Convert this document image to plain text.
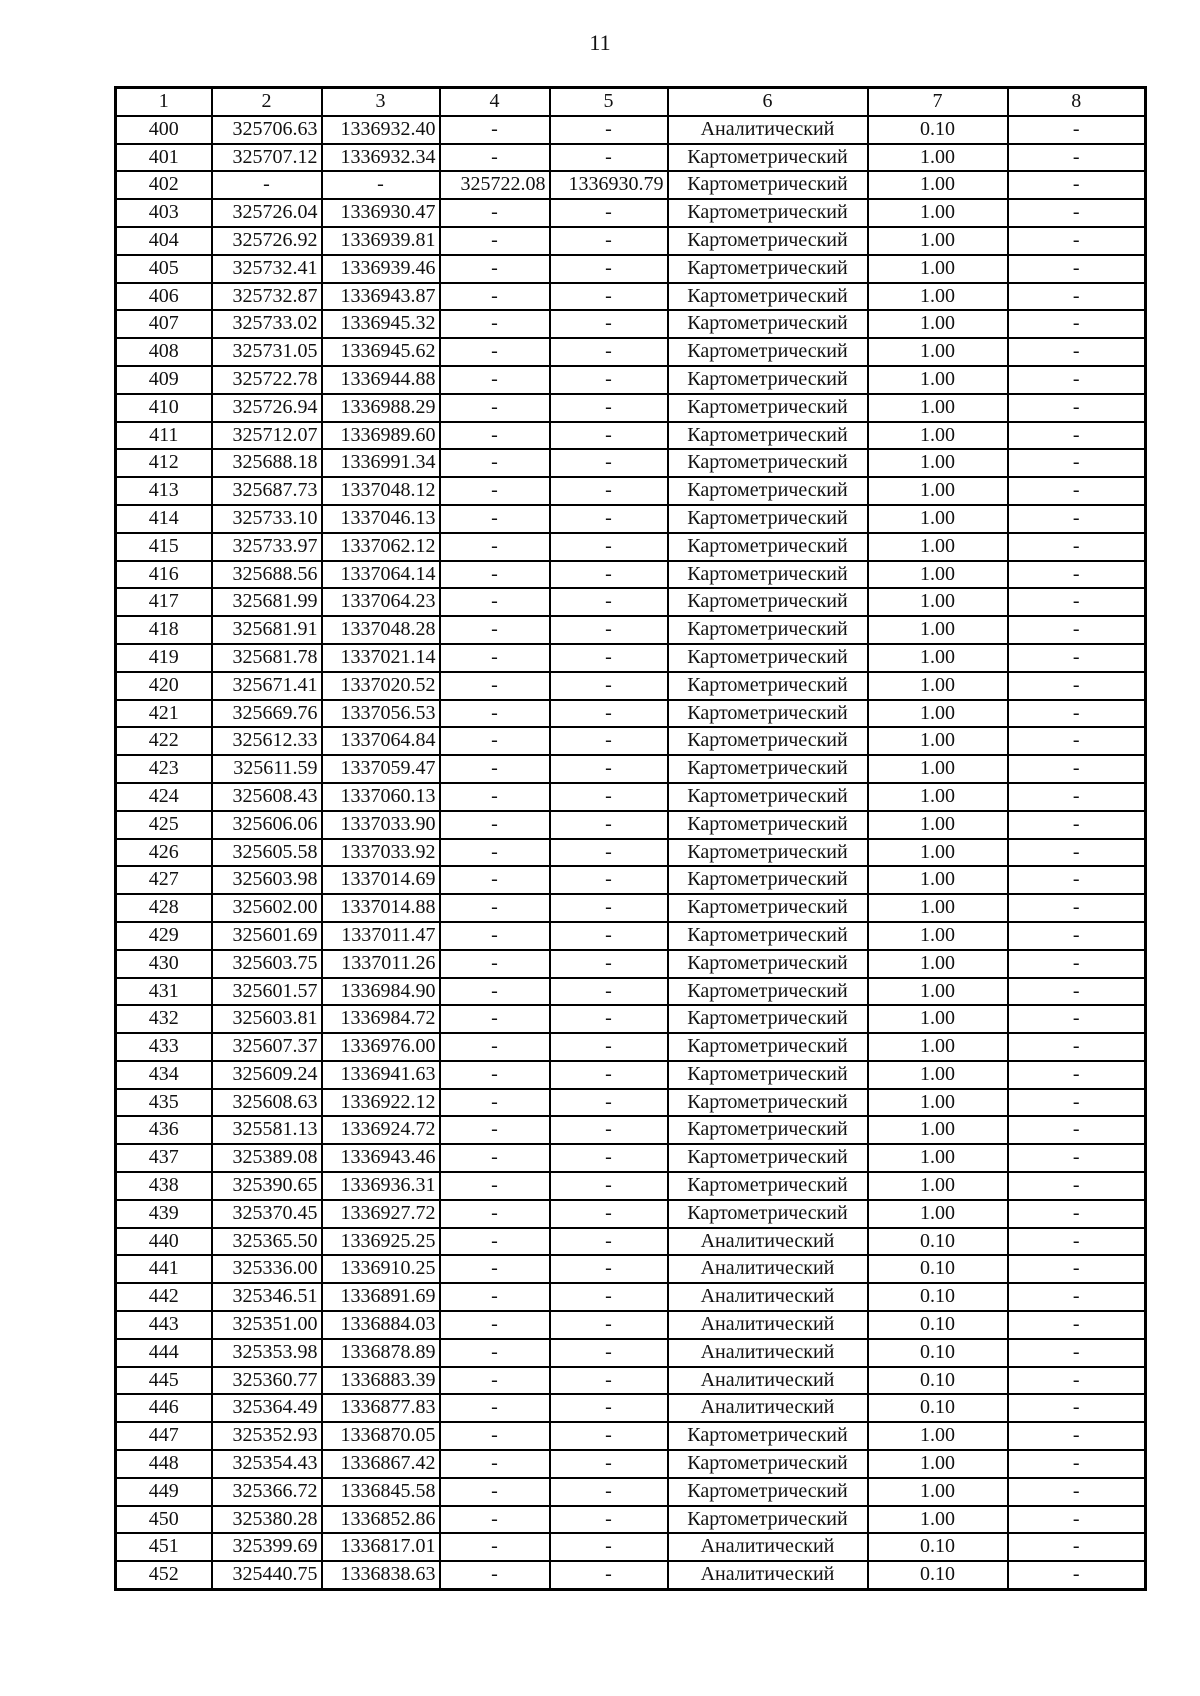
11
1	2	3	4	5	6	7	8
400	325706.63	1336932.40	-	-	Аналитический	0.10	-
401	325707.12	1336932.34	-	-	Картометрический	1.00	-
402	-	-	325722.08	1336930.79	Картометрический	1.00	-
403	325726.04	1336930.47	-	-	Картометрический	1.00	-
404	325726.92	1336939.81	-	-	Картометрический	1.00	-
405	325732.41	1336939.46	-	-	Картометрический	1.00	-
406	325732.87	1336943.87	-	-	Картометрический	1.00	-
407	325733.02	1336945.32	-	-	Картометрический	1.00	-
408	325731.05	1336945.62	-	-	Картометрический	1.00	-
409	325722.78	1336944.88	-	-	Картометрический	1.00	-
410	325726.94	1336988.29	-	-	Картометрический	1.00	-
411	325712.07	1336989.60	-	-	Картометрический	1.00	-
412	325688.18	1336991.34	-	-	Картометрический	1.00	-
413	325687.73	1337048.12	-	-	Картометрический	1.00	-
414	325733.10	1337046.13	-	-	Картометрический	1.00	-
415	325733.97	1337062.12	-	-	Картометрический	1.00	-
416	325688.56	1337064.14	-	-	Картометрический	1.00	-
417	325681.99	1337064.23	-	-	Картометрический	1.00	-
418	325681.91	1337048.28	-	-	Картометрический	1.00	-
419	325681.78	1337021.14	-	-	Картометрический	1.00	-
420	325671.41	1337020.52	-	-	Картометрический	1.00	-
421	325669.76	1337056.53	-	-	Картометрический	1.00	-
422	325612.33	1337064.84	-	-	Картометрический	1.00	-
423	325611.59	1337059.47	-	-	Картометрический	1.00	-
424	325608.43	1337060.13	-	-	Картометрический	1.00	-
425	325606.06	1337033.90	-	-	Картометрический	1.00	-
426	325605.58	1337033.92	-	-	Картометрический	1.00	-
427	325603.98	1337014.69	-	-	Картометрический	1.00	-
428	325602.00	1337014.88	-	-	Картометрический	1.00	-
429	325601.69	1337011.47	-	-	Картометрический	1.00	-
430	325603.75	1337011.26	-	-	Картометрический	1.00	-
431	325601.57	1336984.90	-	-	Картометрический	1.00	-
432	325603.81	1336984.72	-	-	Картометрический	1.00	-
433	325607.37	1336976.00	-	-	Картометрический	1.00	-
434	325609.24	1336941.63	-	-	Картометрический	1.00	-
435	325608.63	1336922.12	-	-	Картометрический	1.00	-
436	325581.13	1336924.72	-	-	Картометрический	1.00	-
437	325389.08	1336943.46	-	-	Картометрический	1.00	-
438	325390.65	1336936.31	-	-	Картометрический	1.00	-
439	325370.45	1336927.72	-	-	Картометрический	1.00	-
440	325365.50	1336925.25	-	-	Аналитический	0.10	-
441	325336.00	1336910.25	-	-	Аналитический	0.10	-
442	325346.51	1336891.69	-	-	Аналитический	0.10	-
443	325351.00	1336884.03	-	-	Аналитический	0.10	-
444	325353.98	1336878.89	-	-	Аналитический	0.10	-
445	325360.77	1336883.39	-	-	Аналитический	0.10	-
446	325364.49	1336877.83	-	-	Аналитический	0.10	-
447	325352.93	1336870.05	-	-	Картометрический	1.00	-
448	325354.43	1336867.42	-	-	Картометрический	1.00	-
449	325366.72	1336845.58	-	-	Картометрический	1.00	-
450	325380.28	1336852.86	-	-	Картометрический	1.00	-
451	325399.69	1336817.01	-	-	Аналитический	0.10	-
452	325440.75	1336838.63	-	-	Аналитический	0.10	-
